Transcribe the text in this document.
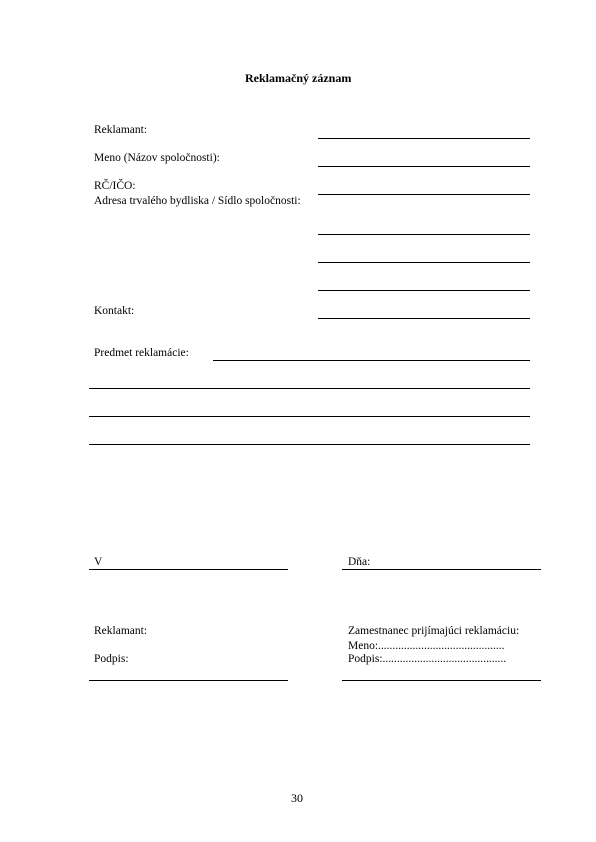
Reklamačný záznam
Reklamant:
Meno (Názov spoločnosti):
RČ/IČO:
Adresa trvalého bydliska / Sídlo spoločnosti:
Kontakt:
Predmet reklamácie:
V	Dňa:
Reklamant:
Podpis:
Zamestnanec prijímajúci reklamáciu:
Meno:............................................
Podpis:...........................................
30
